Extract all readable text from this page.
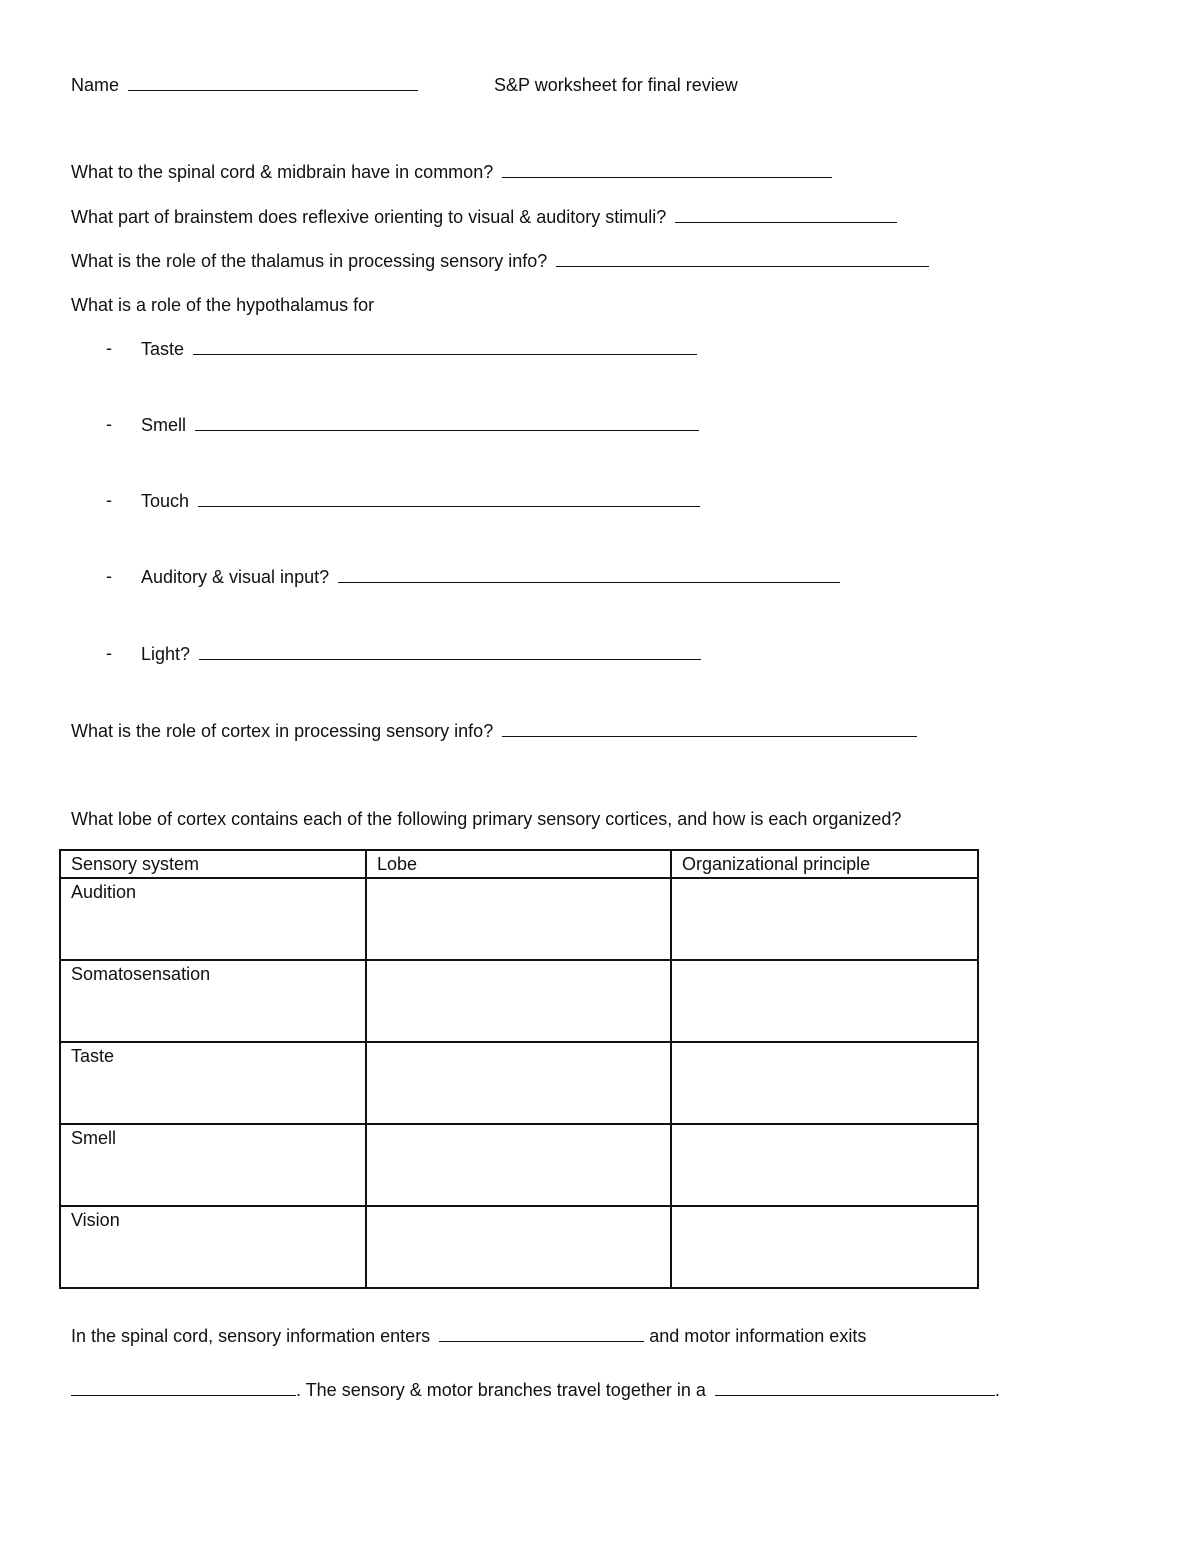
Name	S&P worksheet for final review
What to the spinal cord & midbrain have in common?
What part of brainstem does reflexive orienting to visual & auditory stimuli?
What is the role of the thalamus in processing sensory info?
What is a role of the hypothalamus for
- Taste
- Smell
- Touch
- Auditory & visual input?
- Light?
What is the role of cortex in processing sensory info?
What lobe of cortex contains each of the following primary sensory cortices, and how is each organized?
Sensory system	Lobe	Organizational principle
Audition		
Somatosensation		
Taste		
Smell		
Vision		
In the spinal cord, sensory information enters	and motor information exits
. The sensory & motor branches travel together in a	.
